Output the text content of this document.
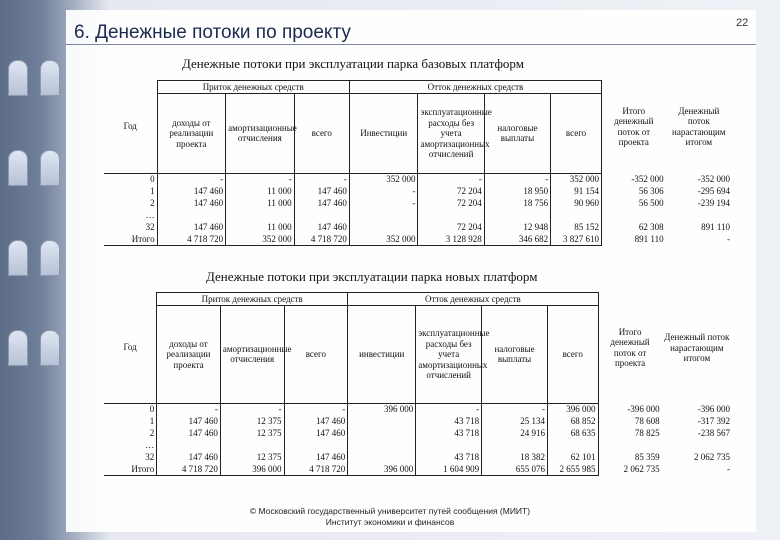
6. Денежные потоки по проекту	22
Денежные потоки при эксплуатации парка базовых платформ
Год	Приток денежных средств			Отток денежных средств				Итого денежный поток от проекта	Денежный поток нарастающим итогом
	доходы от реализации проекта	амортизационные отчисления	всего	Инвестиции	эксплуатационные расходы без учета амортизационных отчислений	налоговые выплаты	всего		
0	-	-	-	352 000	-	-	352 000	-352 000	-352 000
1	147 460	11 000	147 460	-	72 204	18 950	91 154	56 306	-295 694
2	147 460	11 000	147 460	-	72 204	18 756	90 960	56 500	-239 194
…									
32	147 460	11 000	147 460		72 204	12 948	85 152	62 308	891 110
Итого	4 718 720	352 000	4 718 720	352 000	3 128 928	346 682	3 827 610	891 110	-
Денежные потоки при эксплуатации парка новых платформ
Год	Приток денежных средств			Отток денежных средств				Итого денежный поток от проекта	Денежный поток нарастающим итогом
	доходы от реализации проекта	амортизационные отчисления	всего	инвестиции	эксплуатационные расходы без учета амортизационных отчислений	налоговые выплаты	всего		
0	-	-	-	396 000	-	-	396 000	-396 000	-396 000
1	147 460	12 375	147 460		43 718	25 134	68 852	78 608	-317 392
2	147 460	12 375	147 460		43 718	24 916	68 635	78 825	-238 567
…									
32	147 460	12 375	147 460		43 718	18 382	62 101	85 359	2 062 735
Итого	4 718 720	396 000	4 718 720	396 000	1 604 909	655 076	2 655 985	2 062 735	-
© Московский государственный университет путей сообщения (МИИТ)
Институт экономики и финансов
